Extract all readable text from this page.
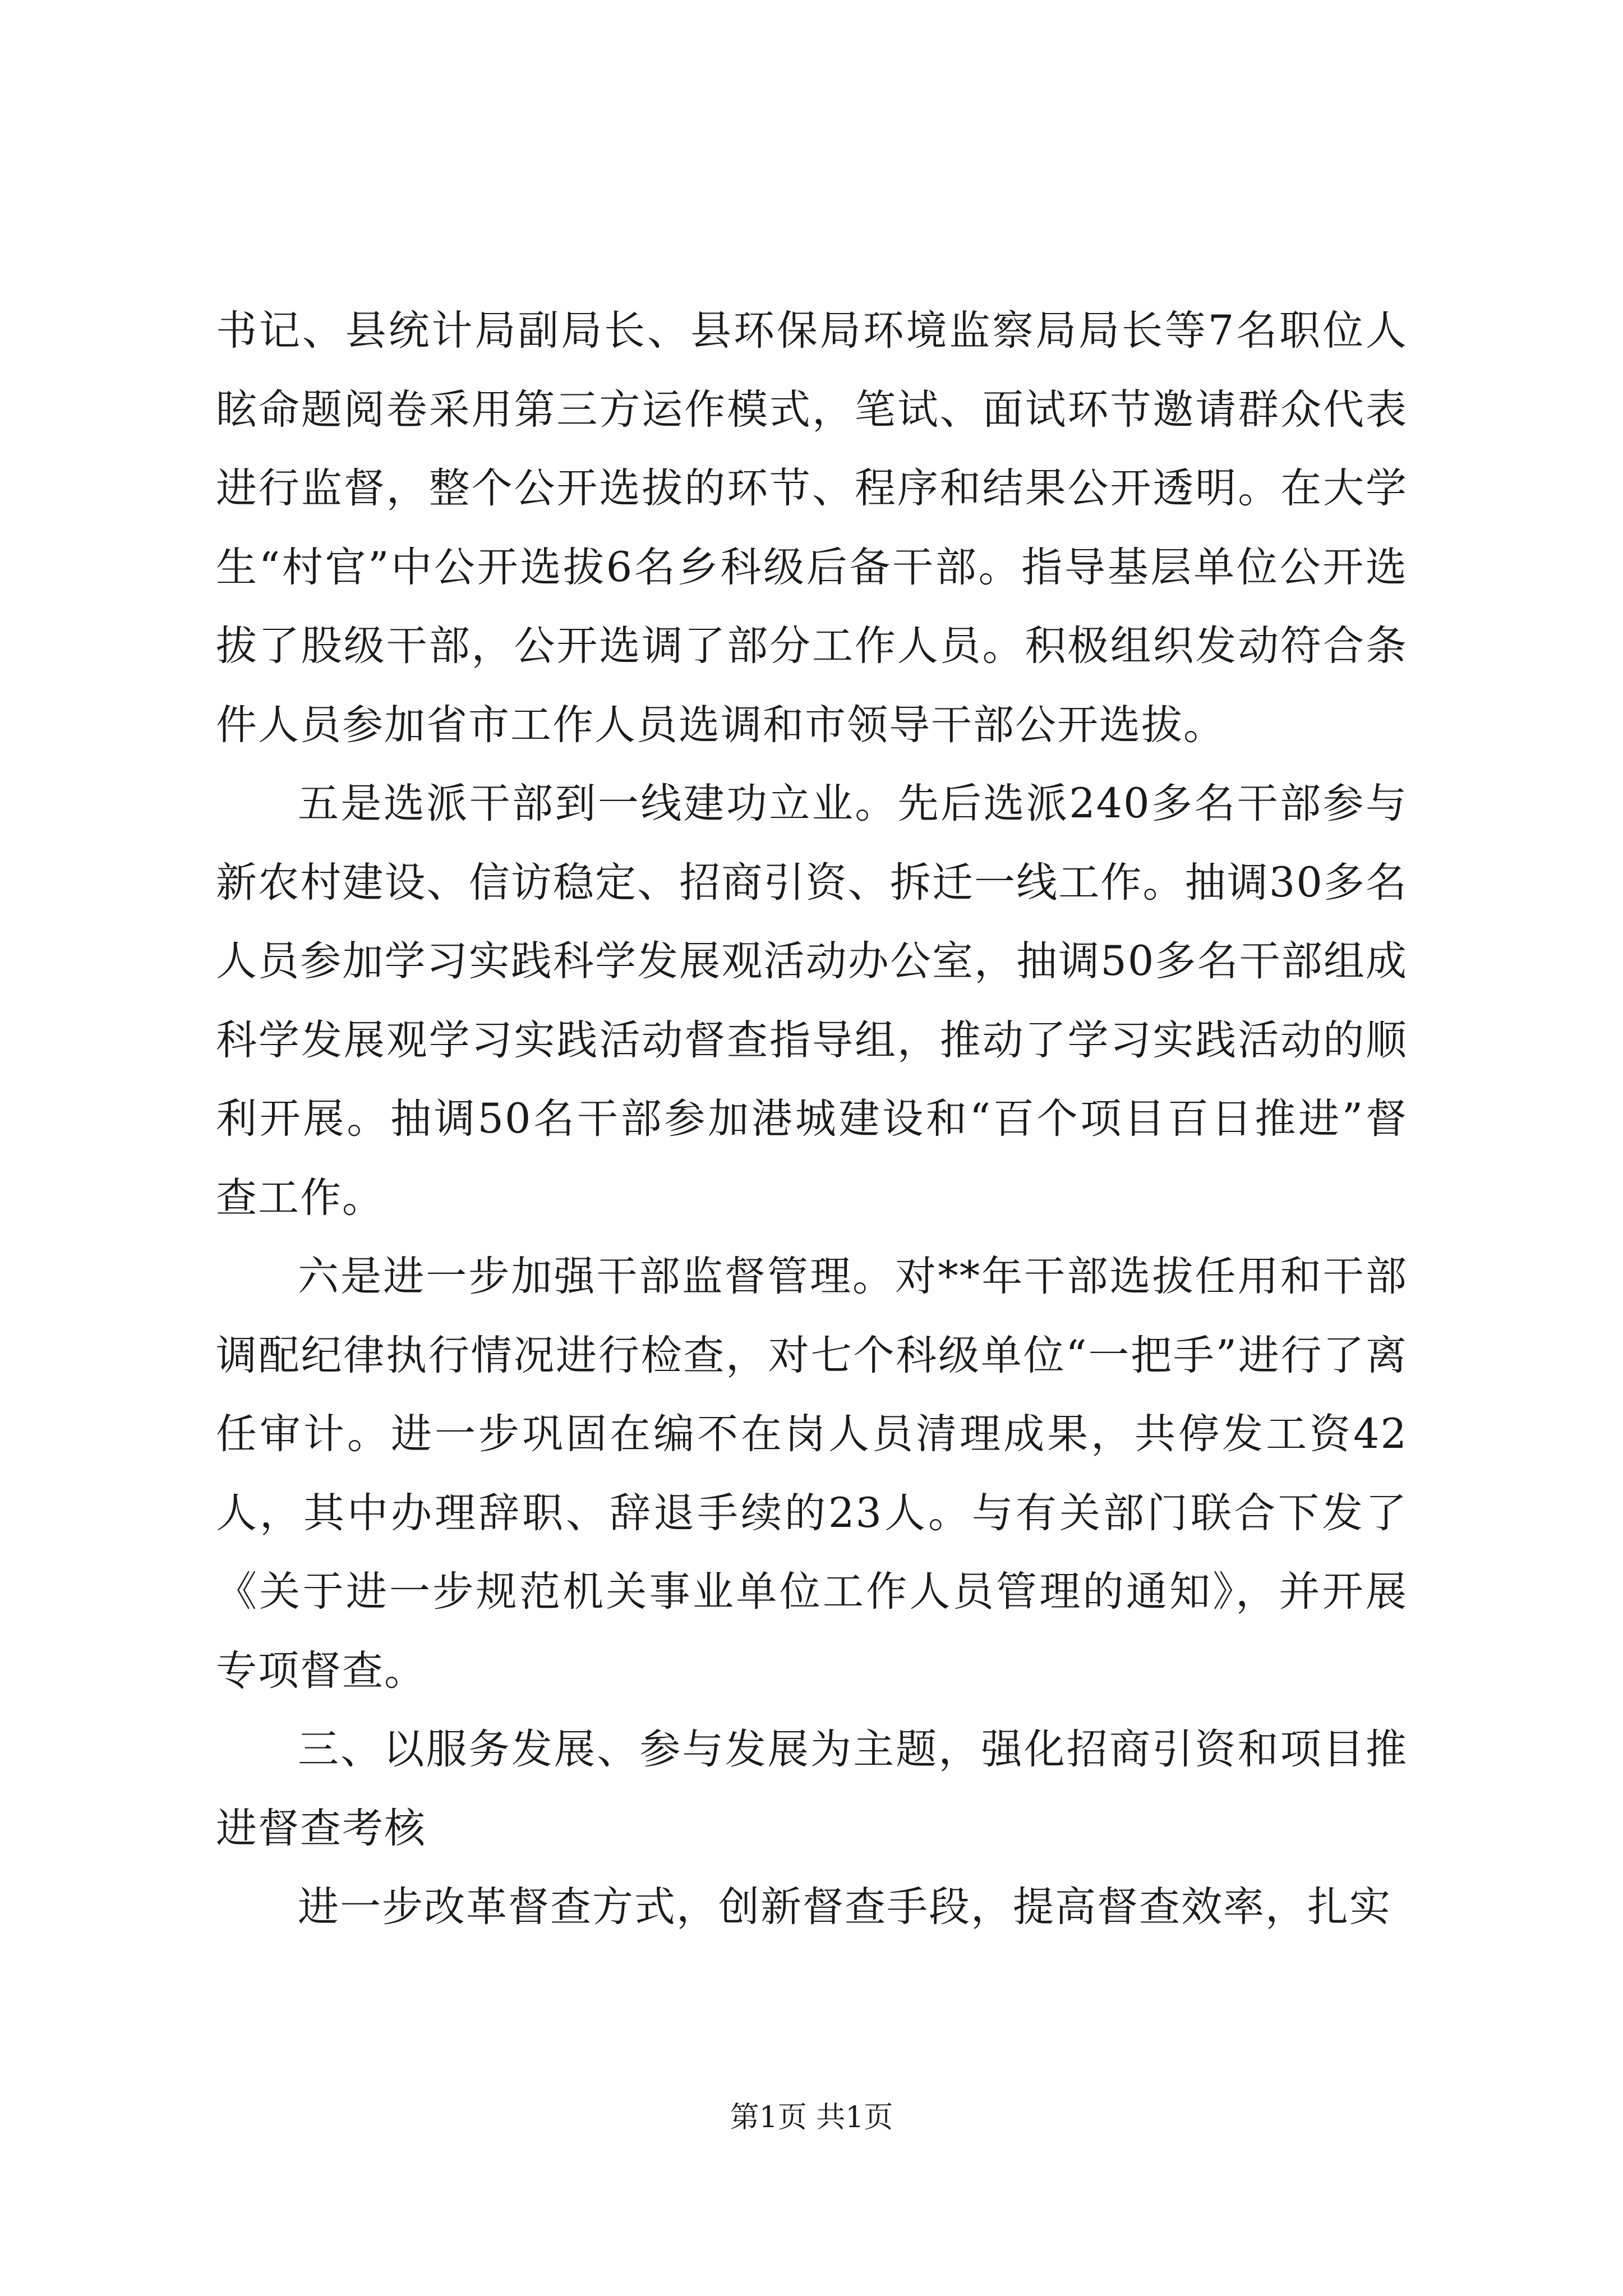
书记、县统计局副局长、县环保局环境监察局局长等7名职位人眩命题阅卷采用第三方运作模式，笔试、面试环节邀请群众代表进行监督，整个公开选拔的环节、程序和结果公开透明。在大学生“村官”中公开选拔6名乡科级后备干部。指导基层单位公开选拔了股级干部，公开选调了部分工作人员。积极组织发动符合条件人员参加省市工作人员选调和市领导干部公开选拔。

五是选派干部到一线建功立业。先后选派240多名干部参与新农村建设、信访稳定、招商引资、拆迁一线工作。抽调30多名人员参加学习实践科学发展观活动办公室，抽调50多名干部组成科学发展观学习实践活动督查指导组，推动了学习实践活动的顺利开展。抽调50名干部参加港城建设和“百个项目百日推进”督查工作。

六是进一步加强干部监督管理。对**年干部选拔任用和干部调配纪律执行情况进行检查，对七个科级单位“一把手”进行了离任审计。进一步巩固在编不在岗人员清理成果，共停发工资42人，其中办理辞职、辞退手续的23人。与有关部门联合下发了《关于进一步规范机关事业单位工作人员管理的通知》，并开展专项督查。

三、以服务发展、参与发展为主题，强化招商引资和项目推进督查考核

进一步改革督查方式，创新督查手段，提高督查效率，扎实

第1页 共1页
